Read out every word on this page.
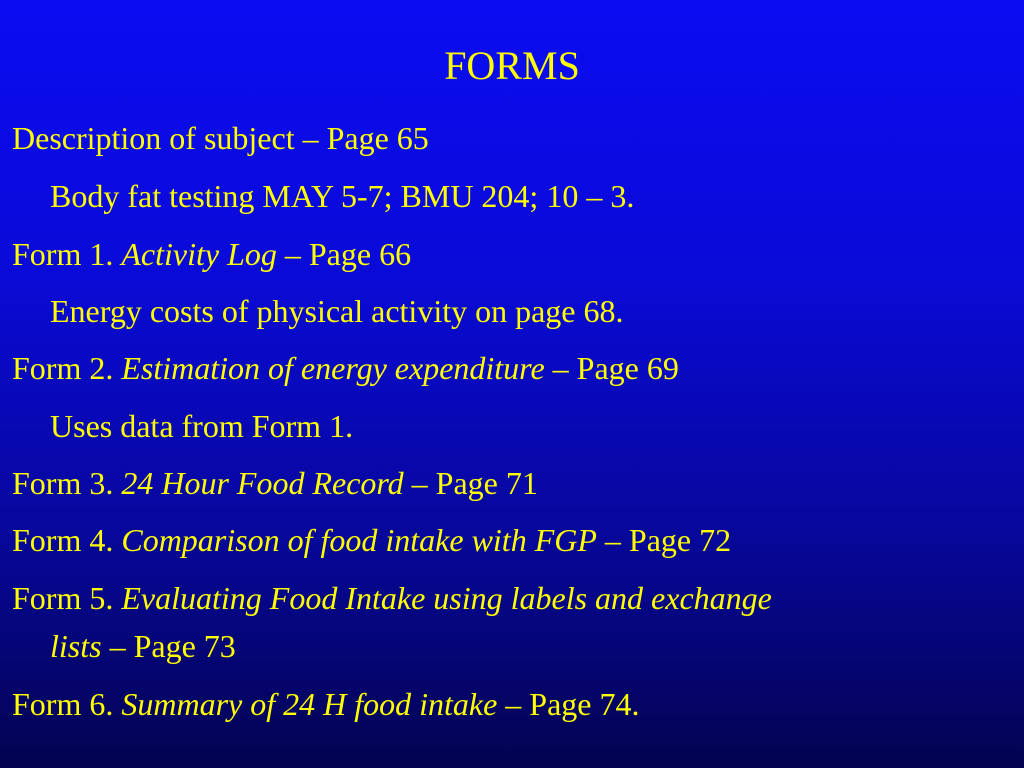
FORMS
Description of subject – Page 65
Body fat testing MAY 5-7; BMU 204; 10 – 3.
Form 1. Activity Log – Page 66
Energy costs of physical activity on page 68.
Form 2. Estimation of energy expenditure – Page 69
Uses data from Form 1.
Form 3. 24 Hour Food Record – Page 71
Form 4. Comparison of food intake with FGP – Page 72
Form 5. Evaluating Food Intake using labels and exchange
lists – Page 73
Form 6. Summary of 24 H food intake – Page 74.
